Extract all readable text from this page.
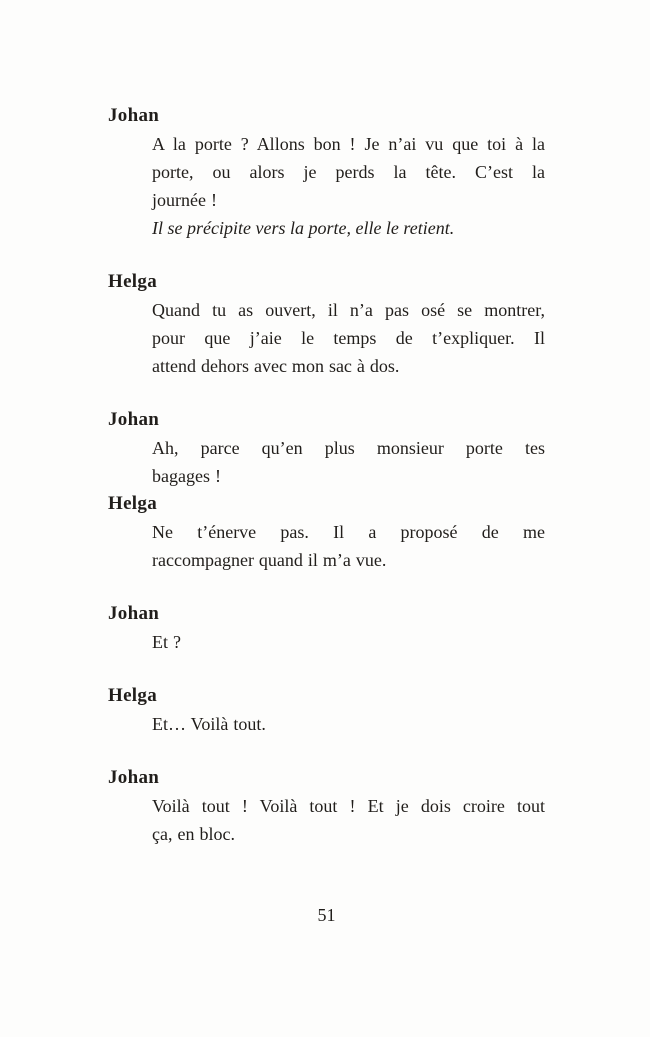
Johan
A la porte ? Allons bon ! Je n’ai vu que toi à la
porte, ou alors je perds la tête. C’est la
journée !
Il se précipite vers la porte, elle le retient.
Helga
Quand tu as ouvert, il n’a pas osé se montrer,
pour que j’aie le temps de t’expliquer. Il
attend dehors avec mon sac à dos.
Johan
Ah, parce qu’en plus monsieur porte tes
bagages !
Helga
Ne t’énerve pas. Il a proposé de me
raccompagner quand il m’a vue.
Johan
Et ?
Helga
Et… Voilà tout.
Johan
Voilà tout ! Voilà tout ! Et je dois croire tout
ça, en bloc.
51
